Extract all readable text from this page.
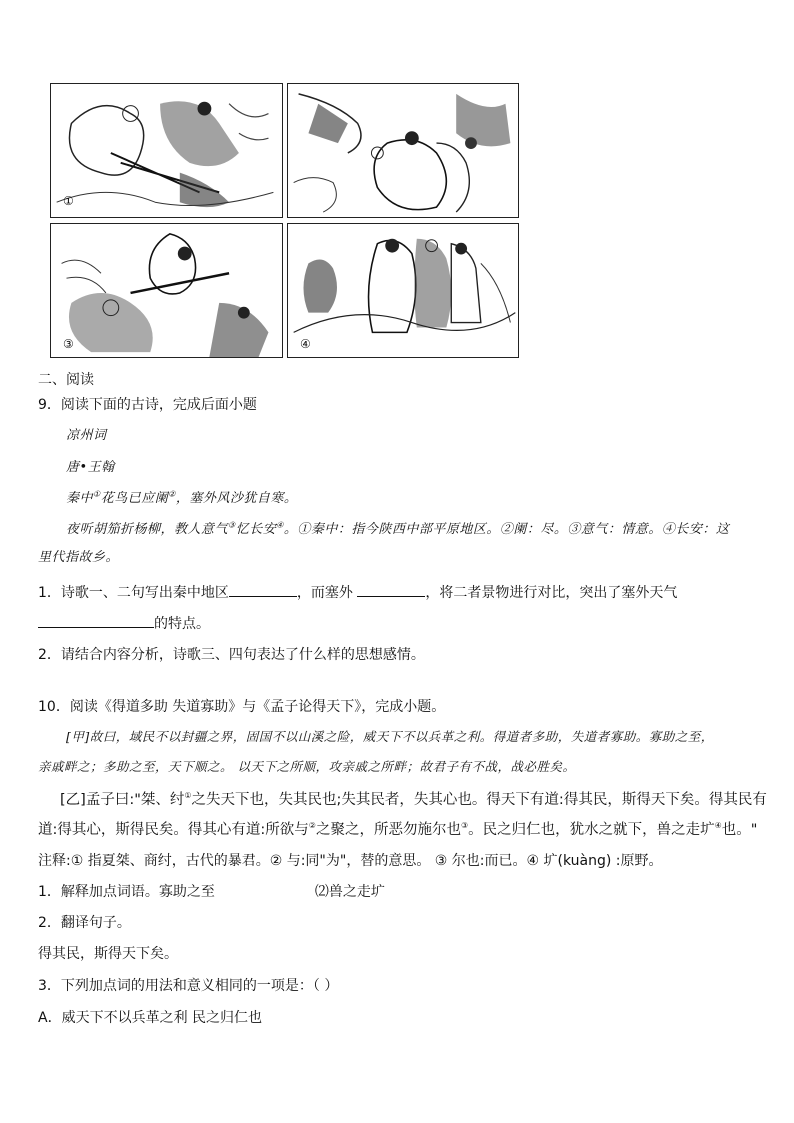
①
③	④
二、阅读
9．阅读下面的古诗，完成后面小题
凉州词
唐•王翰
秦中①花鸟已应阑②，塞外风沙犹自寒。
夜听胡笳折杨柳，教人意气③忆长安④。①秦中：指今陕西中部平原地区。②阑：尽。③意气：情意。④长安：这
里代指故乡。
1．诗歌一、二句写出秦中地区	，而塞外	，将二者景物进行对比，突出了塞外天气
的特点。
2．请结合内容分析，诗歌三、四句表达了什么样的思想感情。
10．阅读《得道多助 失道寡助》与《孟子论得天下》，完成小题。
[甲]故曰，域民不以封疆之界，固国不以山溪之险，威天下不以兵革之利。得道者多助，失道者寡助。寡助之至，
亲戚畔之；多助之至，天下顺之。 以天下之所顺，攻亲戚之所畔；故君子有不战，战必胜矣。
[乙]孟子曰:"桀、纣①之失天下也，失其民也;失其民者，失其心也。得天下有道:得其民，斯得天下矣。得其民有
道:得其心，斯得民矣。得其心有道:所欲与②之聚之，所恶勿施尔也③。民之归仁也，犹水之就下，兽之走圹④也。"
注释:① 指夏桀、商纣，古代的暴君。② 与:同"为"，替的意思。 ③ 尔也:而已。④ 圹(kuàng) :原野。
1．解释加点词语。寡助之至	⑵兽之走圹
2．翻译句子。
得其民，斯得天下矣。
3．下列加点词的用法和意义相同的一项是：（ ）
A．威天下不以兵革之利 民之归仁也
